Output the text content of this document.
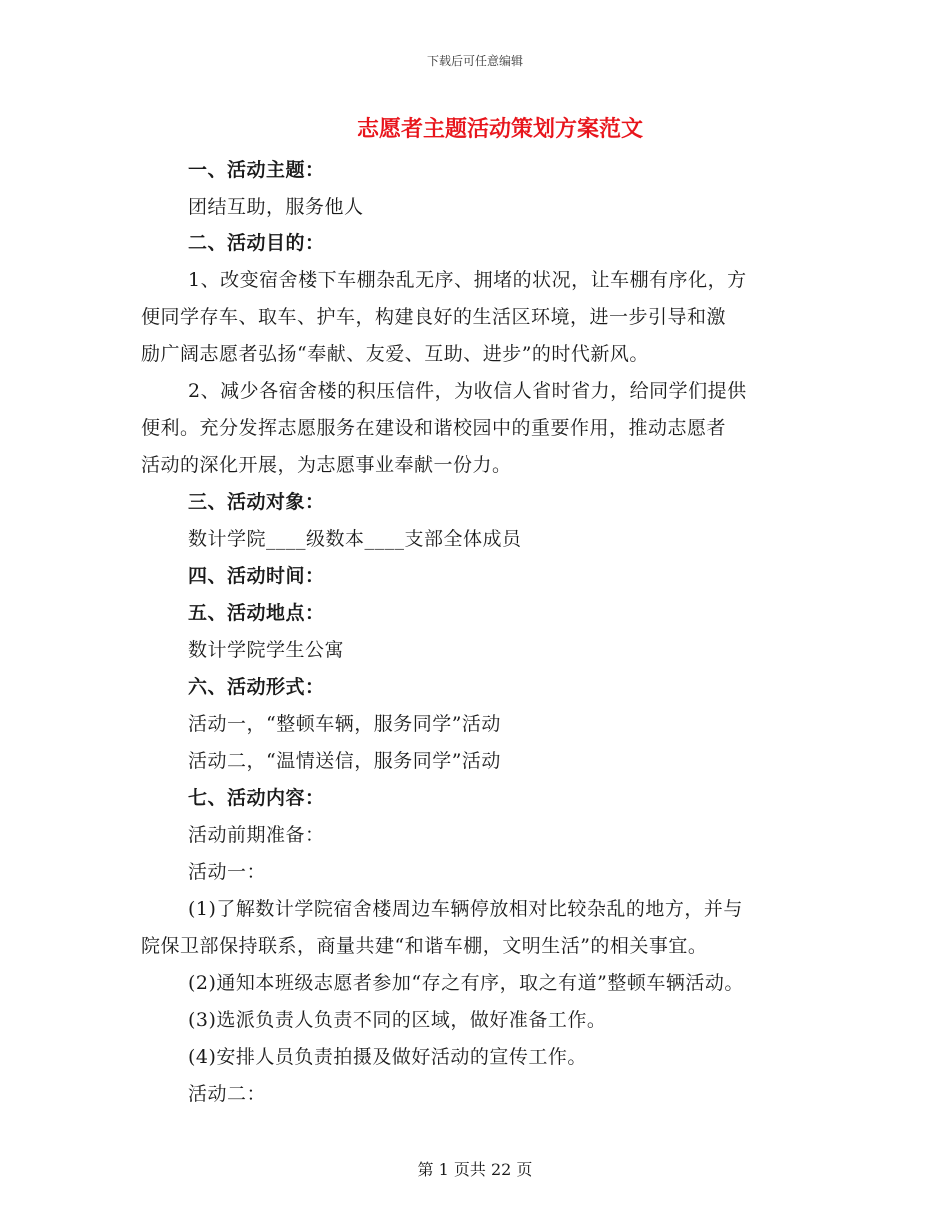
下载后可任意编辑
志愿者主题活动策划方案范文
一、活动主题：
团结互助，服务他人
二、活动目的：
1、改变宿舍楼下车棚杂乱无序、拥堵的状况，让车棚有序化，方
便同学存车、取车、护车，构建良好的生活区环境，进一步引导和激
励广阔志愿者弘扬“奉献、友爱、互助、进步”的时代新风。
2、减少各宿舍楼的积压信件，为收信人省时省力，给同学们提供
便利。充分发挥志愿服务在建设和谐校园中的重要作用，推动志愿者
活动的深化开展，为志愿事业奉献一份力。
三、活动对象：
数计学院____级数本____支部全体成员
四、活动时间：
五、活动地点：
数计学院学生公寓
六、活动形式：
活动一，“整顿车辆，服务同学”活动
活动二，“温情送信，服务同学”活动
七、活动内容：
活动前期准备：
活动一：
(1)了解数计学院宿舍楼周边车辆停放相对比较杂乱的地方，并与
院保卫部保持联系，商量共建“和谐车棚，文明生活”的相关事宜。
(2)通知本班级志愿者参加“存之有序，取之有道”整顿车辆活动。
(3)选派负责人负责不同的区域，做好准备工作。
(4)安排人员负责拍摄及做好活动的宣传工作。
活动二：
第 1 页共 22 页
